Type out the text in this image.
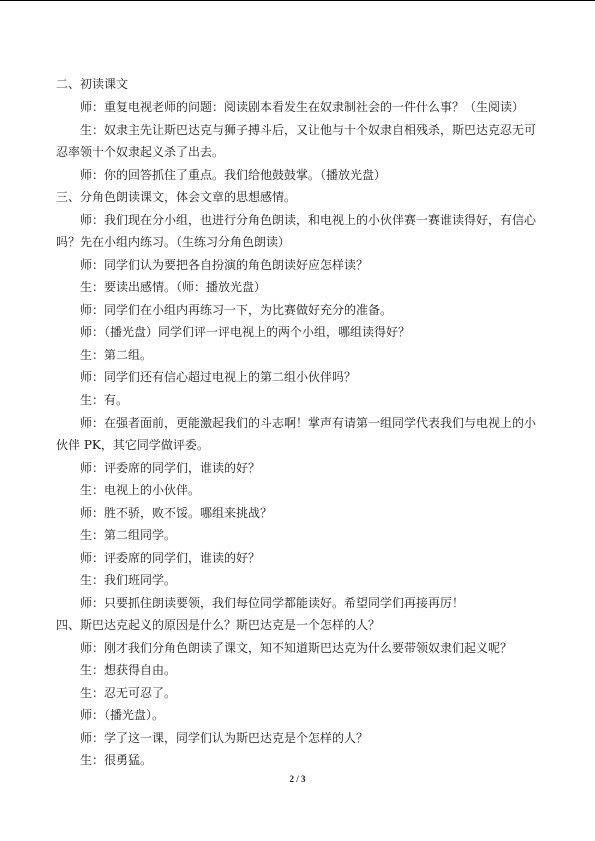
二、初读课文
师：重复电视老师的问题：阅读剧本看发生在奴隶制社会的一件什么事？（生阅读）
生：奴隶主先让斯巴达克与狮子搏斗后，又让他与十个奴隶自相残杀，斯巴达克忍无可
忍率领十个奴隶起义杀了出去。
师：你的回答抓住了重点。我们给他鼓鼓掌。（播放光盘）
三、分角色朗读课文，体会文章的思想感情。
师：我们现在分小组，也进行分角色朗读，和电视上的小伙伴赛一赛谁读得好，有信心
吗？先在小组内练习。（生练习分角色朗读）
师：同学们认为要把各自扮演的角色朗读好应怎样读？
生：要读出感情。（师：播放光盘）
师：同学们在小组内再练习一下，为比赛做好充分的准备。
师：（播光盘）同学们评一评电视上的两个小组，哪组读得好？
生：第二组。
师：同学们还有信心超过电视上的第二组小伙伴吗？
生：有。
师：在强者面前，更能激起我们的斗志啊！掌声有请第一组同学代表我们与电视上的小
伙伴 PK，其它同学做评委。
师：评委席的同学们，谁读的好？
生：电视上的小伙伴。
师：胜不骄，败不馁。哪组来挑战？
生：第二组同学。
师：评委席的同学们，谁读的好？
生：我们班同学。
师：只要抓住朗读要领，我们每位同学都能读好。希望同学们再接再厉！
四、斯巴达克起义的原因是什么？斯巴达克是一个怎样的人？
师：刚才我们分角色朗读了课文，知不知道斯巴达克为什么要带领奴隶们起义呢？
生：想获得自由。
生：忍无可忍了。
师：（播光盘）。
师：学了这一课，同学们认为斯巴达克是个怎样的人？
生：很勇猛。
2 / 3
